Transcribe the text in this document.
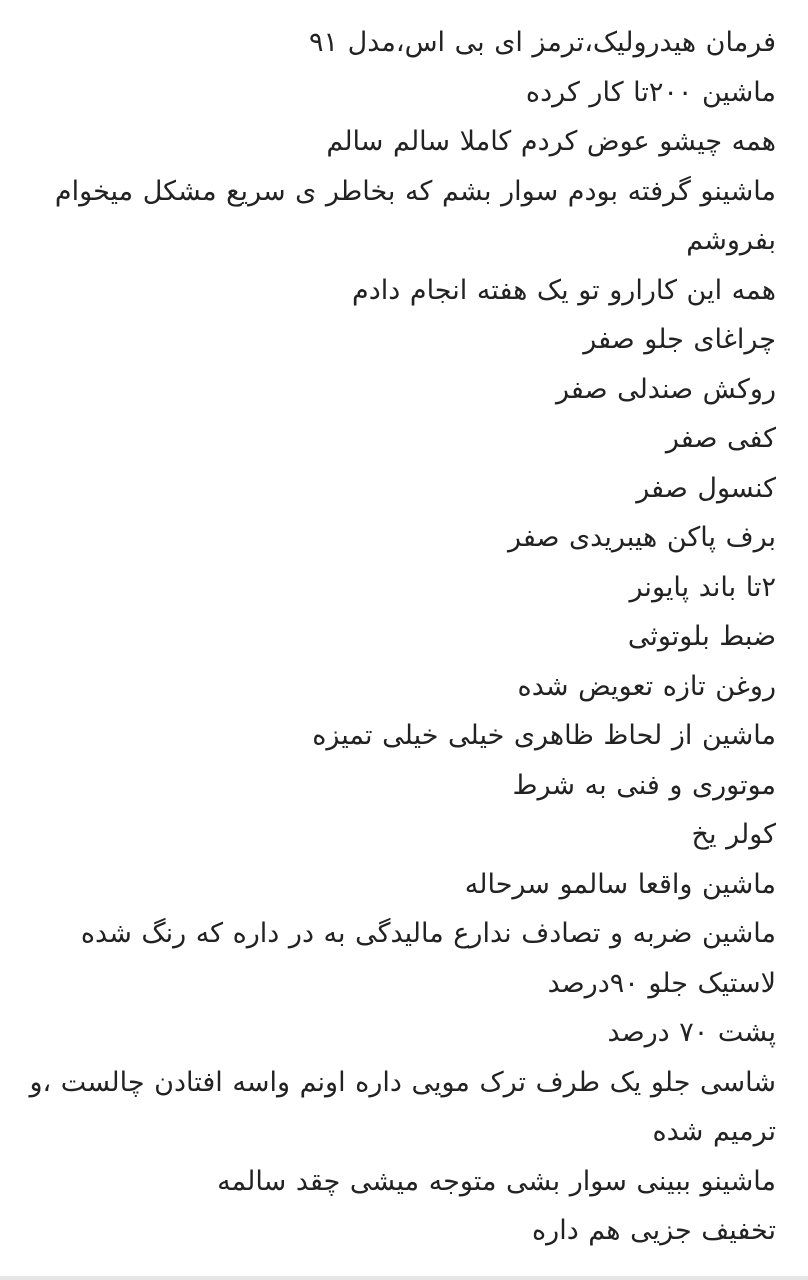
فرمان هیدرولیک،ترمز ای بی اس،مدل ۹۱

ماشین ۲۰۰تا کار کرده

همه چیشو عوض کردم کاملا سالم سالم

ماشینو گرفته بودم سوار بشم که بخاطر ی سریع مشکل میخوام بفروشم

همه این کارارو تو یک هفته انجام دادم

چراغای جلو صفر

روکش صندلی صفر

کفی صفر

کنسول صفر

برف پاکن هیبریدی صفر

۲تا باند پایونر

ضبط بلوتوثی

روغن تازه تعویض شده

ماشین از لحاظ ظاهری خیلی خیلی تمیزه

موتوری و فنی به شرط

کولر یخ

ماشین واقعا سالمو سرحاله

ماشین ضربه و تصادف ندارع مالیدگی به در داره که رنگ شده

لاستیک جلو ۹۰درصد

پشت ۷۰ درصد

شاسی جلو یک طرف ترک مویی داره اونم واسه افتادن چالست ،و ترمیم شده

ماشینو ببینی سوار بشی متوجه میشی چقد سالمه

تخفیف جزیی هم داره
